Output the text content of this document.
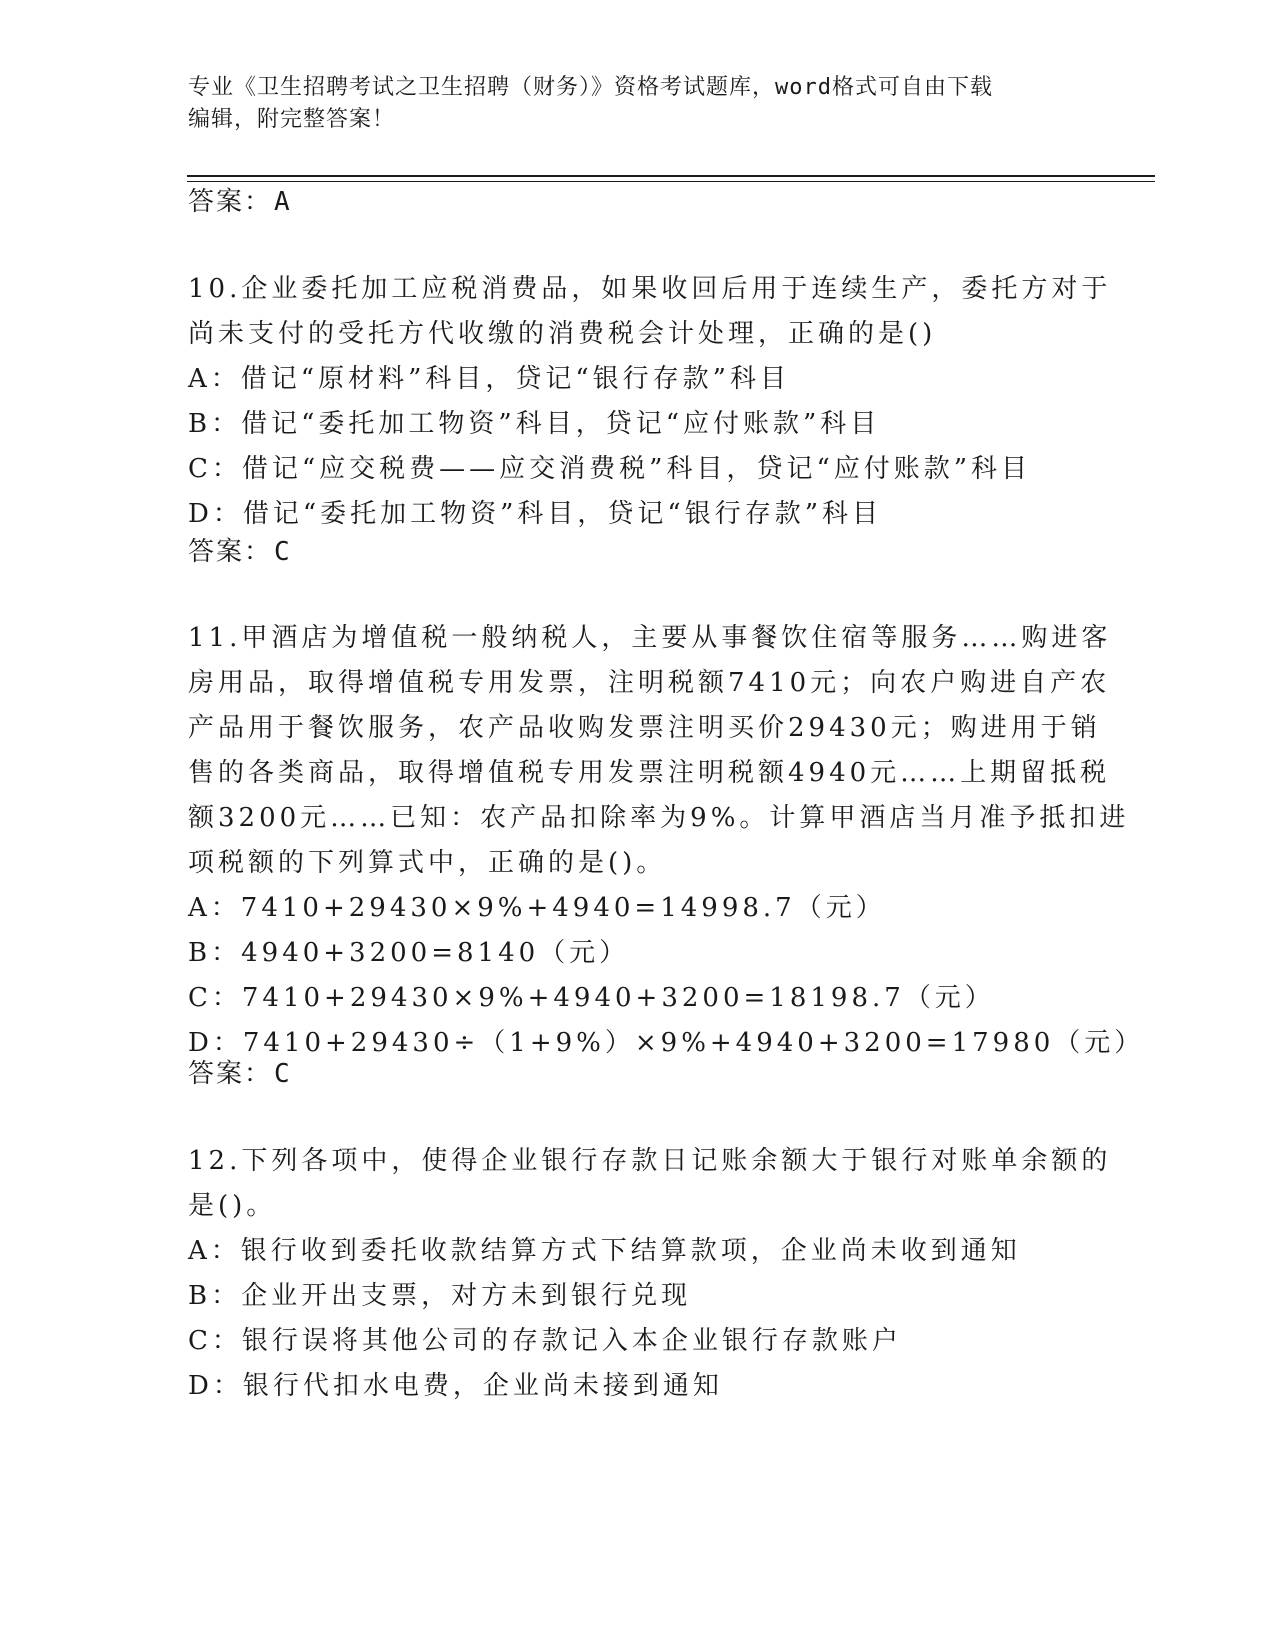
专业《卫生招聘考试之卫生招聘（财务）》资格考试题库，word格式可自由下载
编辑，附完整答案！
答案：A
10.企业委托加工应税消费品，如果收回后用于连续生产，委托方对于
尚未支付的受托方代收缴的消费税会计处理，正确的是()
A：借记“原材料”科目，贷记“银行存款”科目
B：借记“委托加工物资”科目，贷记“应付账款”科目
C：借记“应交税费——应交消费税”科目，贷记“应付账款”科目
D：借记“委托加工物资”科目，贷记“银行存款”科目
答案：C
11.甲酒店为增值税一般纳税人，主要从事餐饮住宿等服务……购进客
房用品，取得增值税专用发票，注明税额7410元；向农户购进自产农
产品用于餐饮服务，农产品收购发票注明买价29430元；购进用于销
售的各类商品，取得增值税专用发票注明税额4940元……上期留抵税
额3200元……已知：农产品扣除率为9%。计算甲酒店当月准予抵扣进
项税额的下列算式中，正确的是()。
A：7410+29430×9%+4940=14998.7（元）
B：4940+3200=8140（元）
C：7410+29430×9%+4940+3200=18198.7（元）
D：7410+29430÷（1+9%）×9%+4940+3200=17980（元）
答案：C
12.下列各项中，使得企业银行存款日记账余额大于银行对账单余额的
是()。
A：银行收到委托收款结算方式下结算款项，企业尚未收到通知
B：企业开出支票，对方未到银行兑现
C：银行误将其他公司的存款记入本企业银行存款账户
D：银行代扣水电费，企业尚未接到通知
